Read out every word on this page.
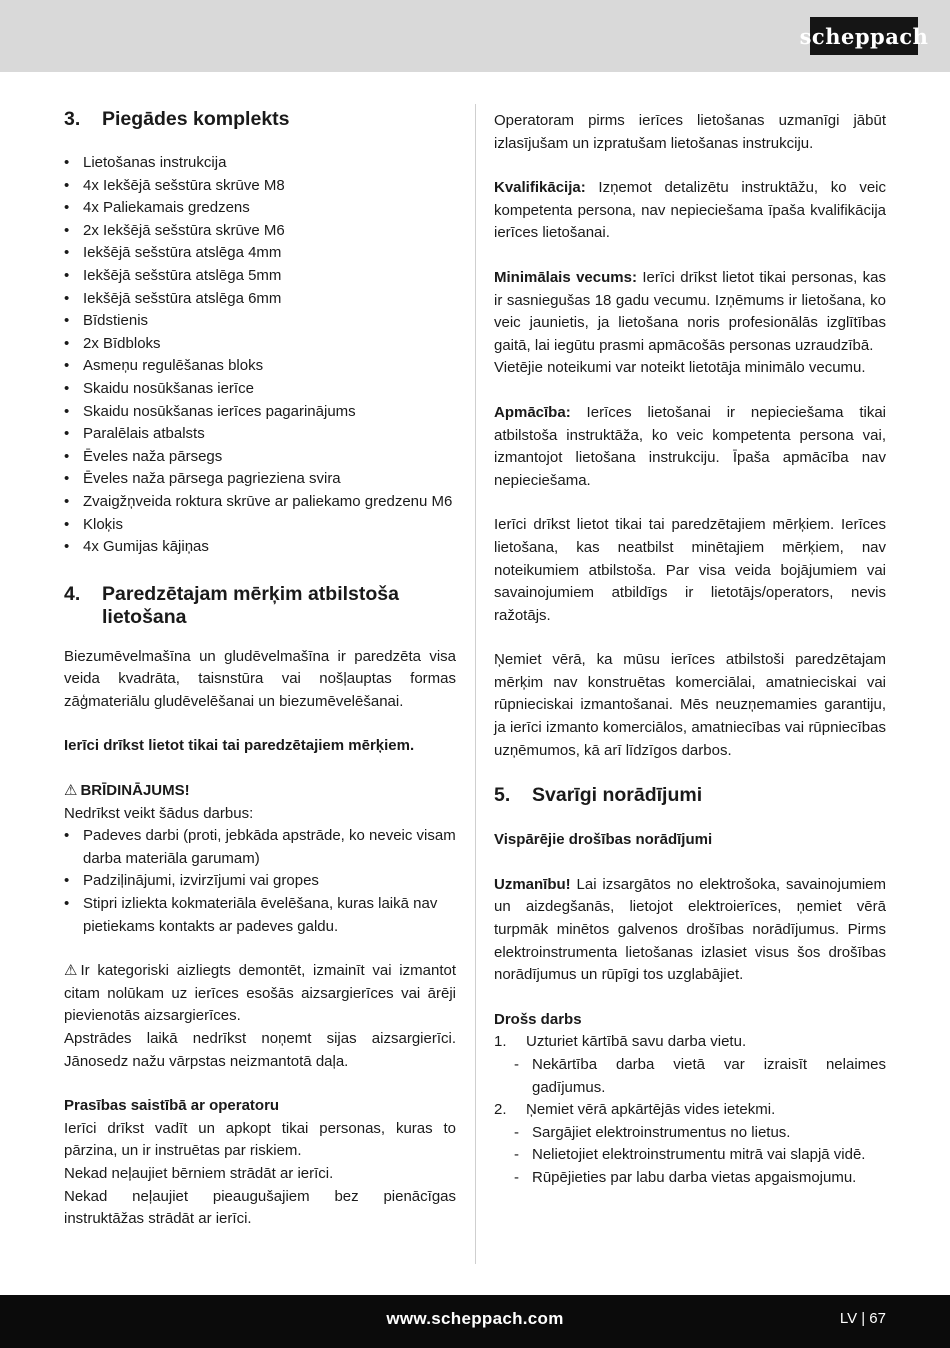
scheppach
3.	Piegādes komplekts
• Lietošanas instrukcija
• 4x Iekšējā sešstūra skrūve M8
• 4x Paliekamais gredzens
• 2x Iekšējā sešstūra skrūve M6
• Iekšējā sešstūra atslēga 4mm
• Iekšējā sešstūra atslēga 5mm
• Iekšējā sešstūra atslēga 6mm
• Bīdstienis
• 2x Bīdbloks
• Asmeņu regulēšanas bloks
• Skaidu nosūkšanas ierīce
• Skaidu nosūkšanas ierīces pagarinājums
• Paralēlais atbalsts
• Ēveles naža pārsegs
• Ēveles naža pārsega pagrieziena svira
• Zvaigžņveida roktura skrūve ar paliekamo gredzenu M6
• Kloķis
• 4x Gumijas kājiņas
4.	Paredzētajam mērķim atbilstoša lietošana

Biezumēvelmašīna un gludēvelmašīna ir paredzēta visa veida kvadrāta, taisnstūra vai nošļauptas formas zāģmateriālu gludēvelēšanai un biezumēvelēšanai.

Ierīci drīkst lietot tikai tai paredzētajiem mērķiem.

⚠ BRĪDINĀJUMS!

Nedrīkst veikt šādus darbus:

• Padeves darbi (proti, jebkāda apstrāde, ko neveic visam darba materiāla garumam)
• Padziļinājumi, izvirzījumi vai gropes
• Stipri izliekta kokmateriāla ēvelēšana, kuras laikā nav pietiekams kontakts ar padeves galdu.

⚠ Ir kategoriski aizliegts demontēt, izmainīt vai izmantot citam nolūkam uz ierīces esošās aizsargierīces vai ārēji pievienotās aizsargierīces.

Apstrādes laikā nedrīkst noņemt sijas aizsargierīci. Jānosedz nažu vārpstas neizmantotā daļa.

Prasības saistībā ar operatoru

Ierīci drīkst vadīt un apkopt tikai personas, kuras to pārzina, un ir instruētas par riskiem.

Nekad neļaujiet bērniem strādāt ar ierīci.

Nekad neļaujiet pieaugušajiem bez pienācīgas instruktāžas strādāt ar ierīci.

Operatoram pirms ierīces lietošanas uzmanīgi jābūt izlasījušam un izpratušam lietošanas instrukciju.

Kvalifikācija: Izņemot detalizētu instruktāžu, ko veic kompetenta persona, nav nepieciešama īpaša kvalifikācija ierīces lietošanai.

Minimālais vecums: Ierīci drīkst lietot tikai personas, kas ir sasniegušas 18 gadu vecumu. Izņēmums ir lietošana, ko veic jaunietis, ja lietošana noris profesionālās izglītības gaitā, lai iegūtu prasmi apmācošās personas uzraudzībā.

Vietējie noteikumi var noteikt lietotāja minimālo vecumu.

Apmācība: Ierīces lietošanai ir nepieciešama tikai atbilstoša instruktāža, ko veic kompetenta persona vai, izmantojot lietošana instrukciju. Īpaša apmācība nav nepieciešama.

Ierīci drīkst lietot tikai tai paredzētajiem mērķiem. Ierīces lietošana, kas neatbilst minētajiem mērķiem, nav noteikumiem atbilstoša. Par visa veida bojājumiem vai savainojumiem atbildīgs ir lietotājs/operators, nevis ražotājs.

Ņemiet vērā, ka mūsu ierīces atbilstoši paredzētajam mērķim nav konstruētas komerciālai, amatnieciskai vai rūpnieciskai izmantošanai. Mēs neuzņemamies garantiju, ja ierīci izmanto komerciālos, amatniecības vai rūpniecības uzņēmumos, kā arī līdzīgos darbos.

5.	Svarīgi norādījumi

Vispārējie drošības norādījumi

Uzmanību! Lai izsargātos no elektrošoka, savainojumiem un aizdegšanās, lietojot elektroierīces, ņemiet vērā turpmāk minētos galvenos drošības norādījumus. Pirms elektroinstrumenta lietošanas izlasiet visus šos drošības norādījumus un rūpīgi tos uzglabājiet.

Drošs darbs

1. Uzturiet kārtībā savu darba vietu.
- Nekārtība darba vietā var izraisīt nelaimes gadījumus.
2. Ņemiet vērā apkārtējās vides ietekmi.
- Sargājiet elektroinstrumentus no lietus.
- Nelietojiet elektroinstrumentu mitrā vai slapjā vidē.
- Rūpējieties par labu darba vietas apgaismojumu.
www.scheppach.com	LV | 67
